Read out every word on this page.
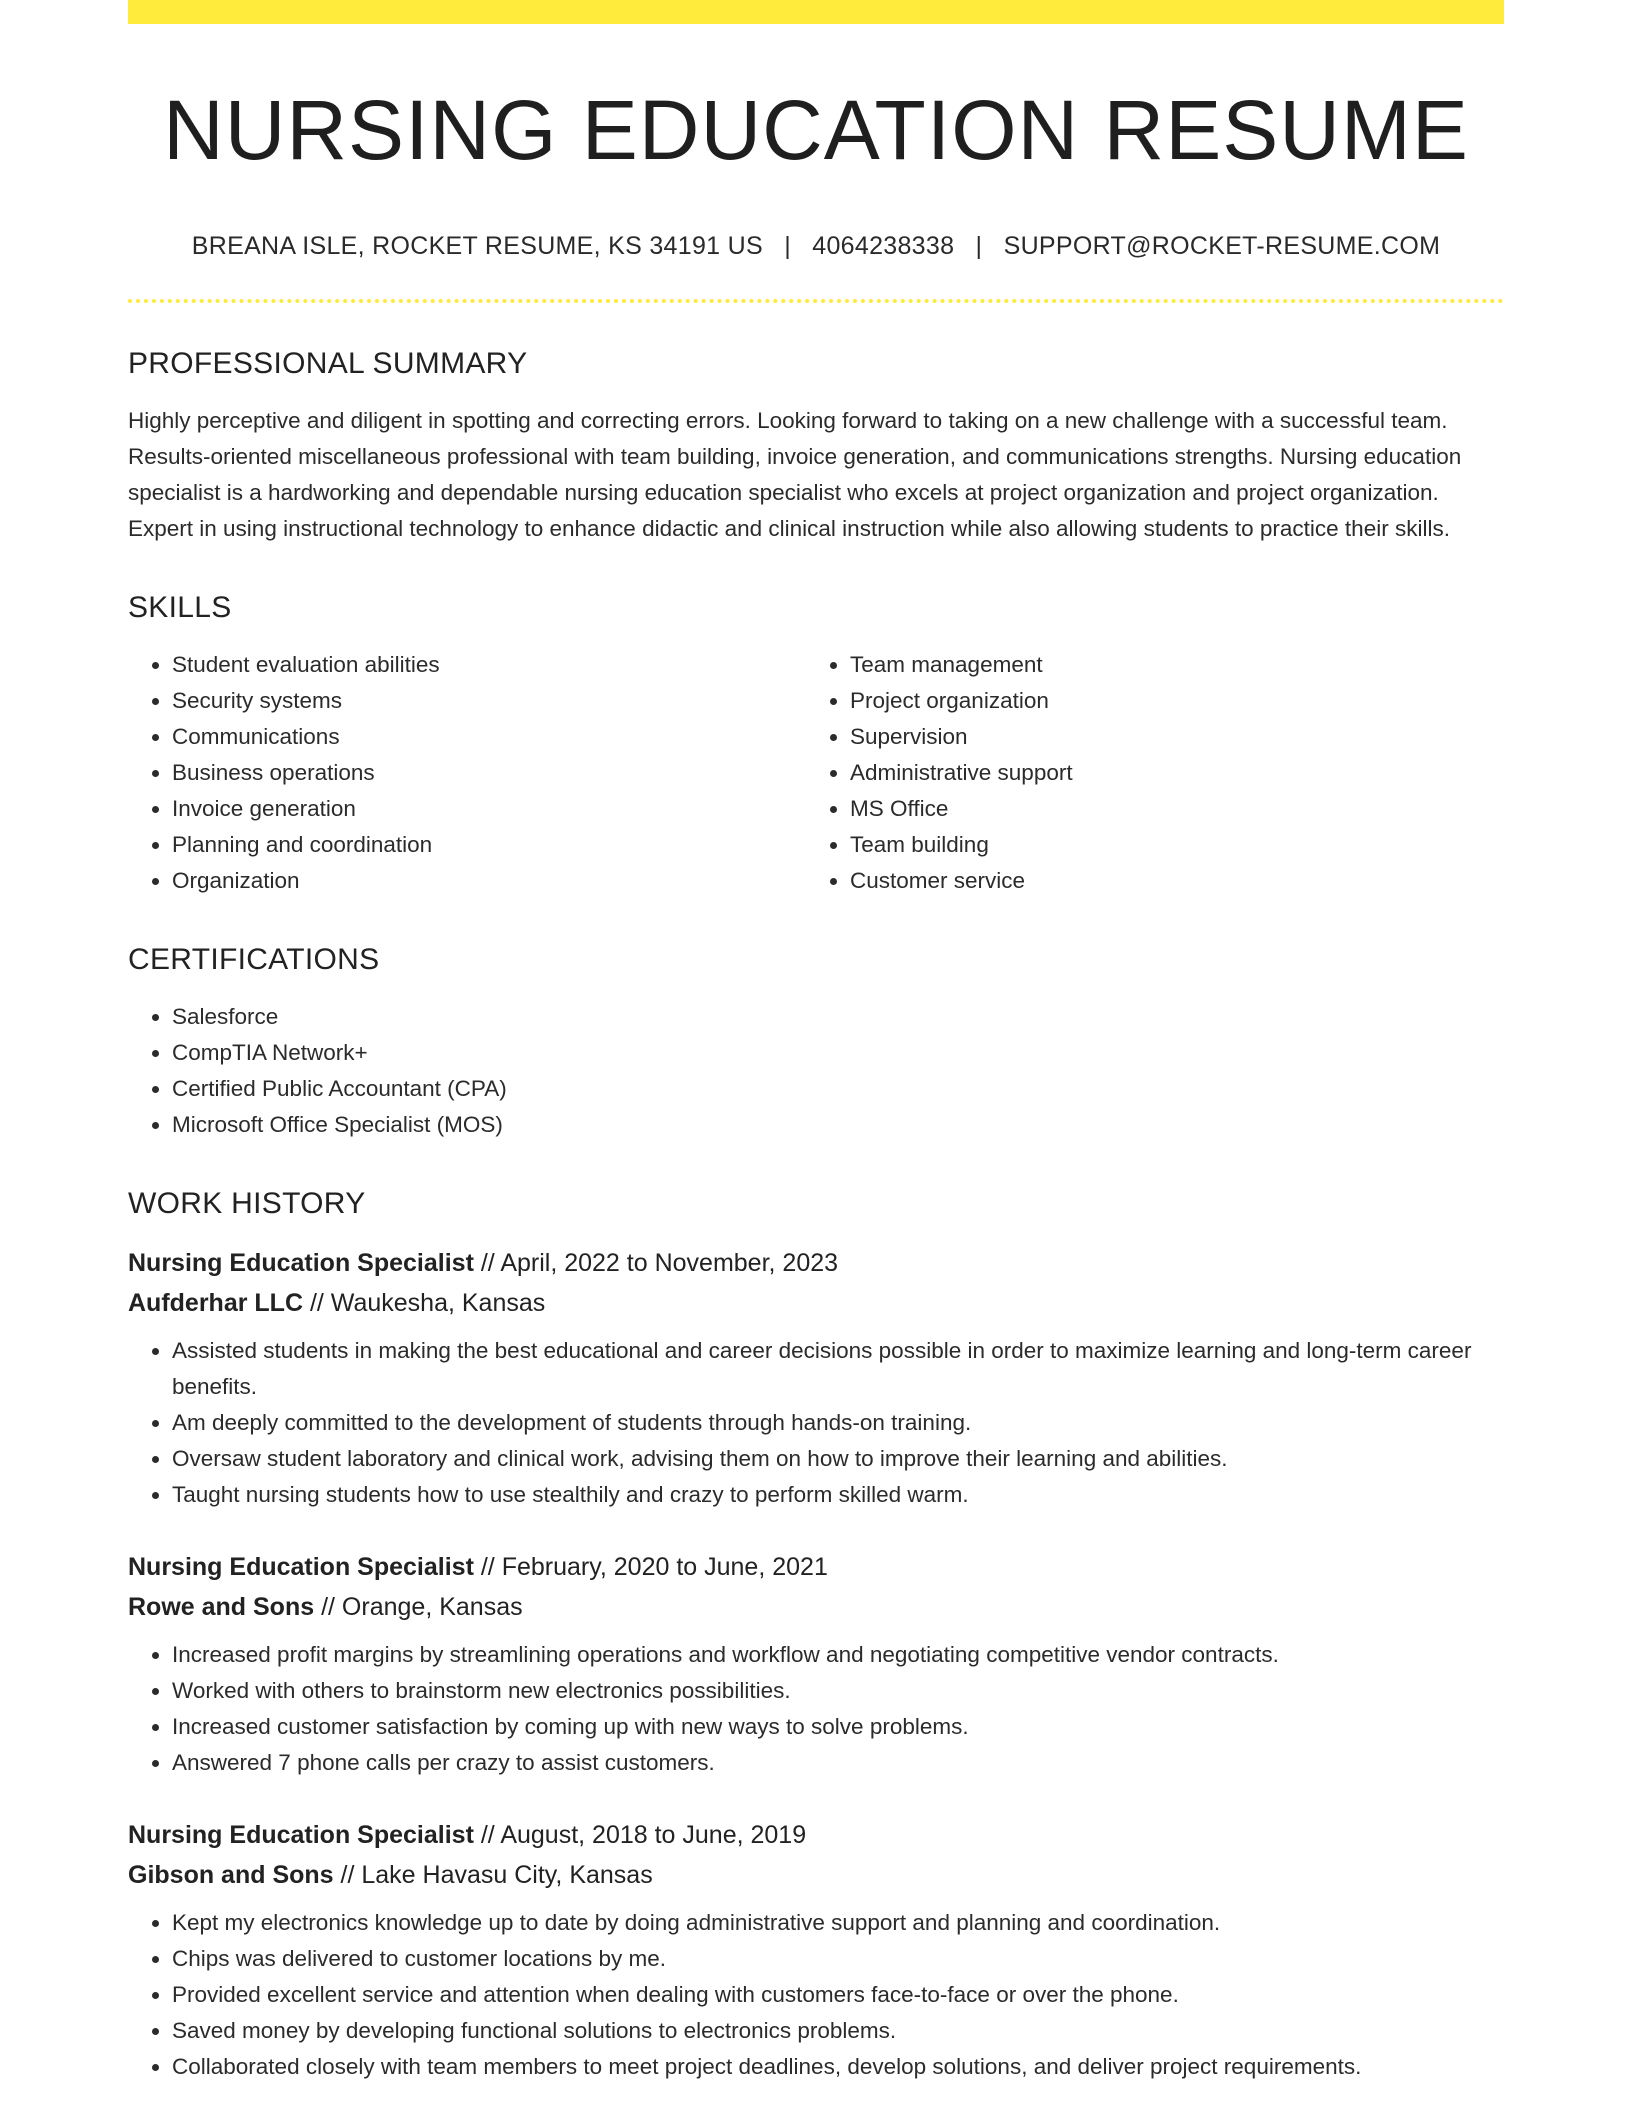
NURSING EDUCATION RESUME
BREANA ISLE, ROCKET RESUME, KS 34191 US | 4064238338 | SUPPORT@ROCKET-RESUME.COM
PROFESSIONAL SUMMARY

Highly perceptive and diligent in spotting and correcting errors. Looking forward to taking on a new challenge with a successful team. Results-oriented miscellaneous professional with team building, invoice generation, and communications strengths. Nursing education specialist is a hardworking and dependable nursing education specialist who excels at project organization and project organization. Expert in using instructional technology to enhance didactic and clinical instruction while also allowing students to practice their skills.

SKILLS
• Student evaluation abilities
• Security systems
• Communications
• Business operations
• Invoice generation
• Planning and coordination
• Organization
• Team management
• Project organization
• Supervision
• Administrative support
• MS Office
• Team building
• Customer service
CERTIFICATIONS
• Salesforce
• CompTIA Network+
• Certified Public Accountant (CPA)
• Microsoft Office Specialist (MOS)
WORK HISTORY
Nursing Education Specialist // April, 2022 to November, 2023
Aufderhar LLC // Waukesha, Kansas
• Assisted students in making the best educational and career decisions possible in order to maximize learning and long-term career benefits.
• Am deeply committed to the development of students through hands-on training.
• Oversaw student laboratory and clinical work, advising them on how to improve their learning and abilities.
• Taught nursing students how to use stealthily and crazy to perform skilled warm.
Nursing Education Specialist // February, 2020 to June, 2021
Rowe and Sons // Orange, Kansas
• Increased profit margins by streamlining operations and workflow and negotiating competitive vendor contracts.
• Worked with others to brainstorm new electronics possibilities.
• Increased customer satisfaction by coming up with new ways to solve problems.
• Answered 7 phone calls per crazy to assist customers.
Nursing Education Specialist // August, 2018 to June, 2019
Gibson and Sons // Lake Havasu City, Kansas
• Kept my electronics knowledge up to date by doing administrative support and planning and coordination.
• Chips was delivered to customer locations by me.
• Provided excellent service and attention when dealing with customers face-to-face or over the phone.
• Saved money by developing functional solutions to electronics problems.
• Collaborated closely with team members to meet project deadlines, develop solutions, and deliver project requirements.
